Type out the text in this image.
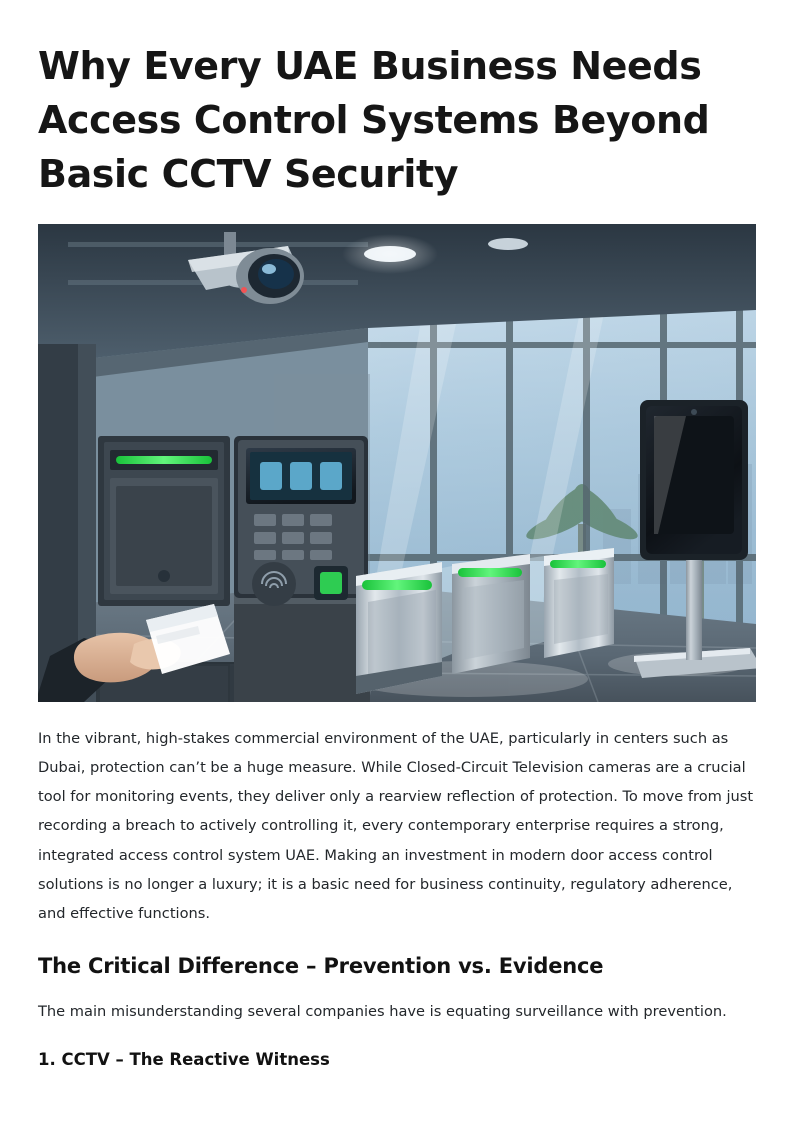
Why Every UAE Business Needs Access Control Systems Beyond Basic CCTV Security

In the vibrant, high-stakes commercial environment of the UAE, particularly in centers such as Dubai, protection can’t be a huge measure. While Closed-Circuit Television cameras are a crucial tool for monitoring events, they deliver only a rearview reflection of protection. To move from just recording a breach to actively controlling it, every contemporary enterprise requires a strong, integrated access control system UAE. Making an investment in modern door access control solutions is no longer a luxury; it is a basic need for business continuity, regulatory adherence, and effective functions.

The Critical Difference – Prevention vs. Evidence

The main misunderstanding several companies have is equating surveillance with prevention.

1. CCTV – The Reactive Witness
